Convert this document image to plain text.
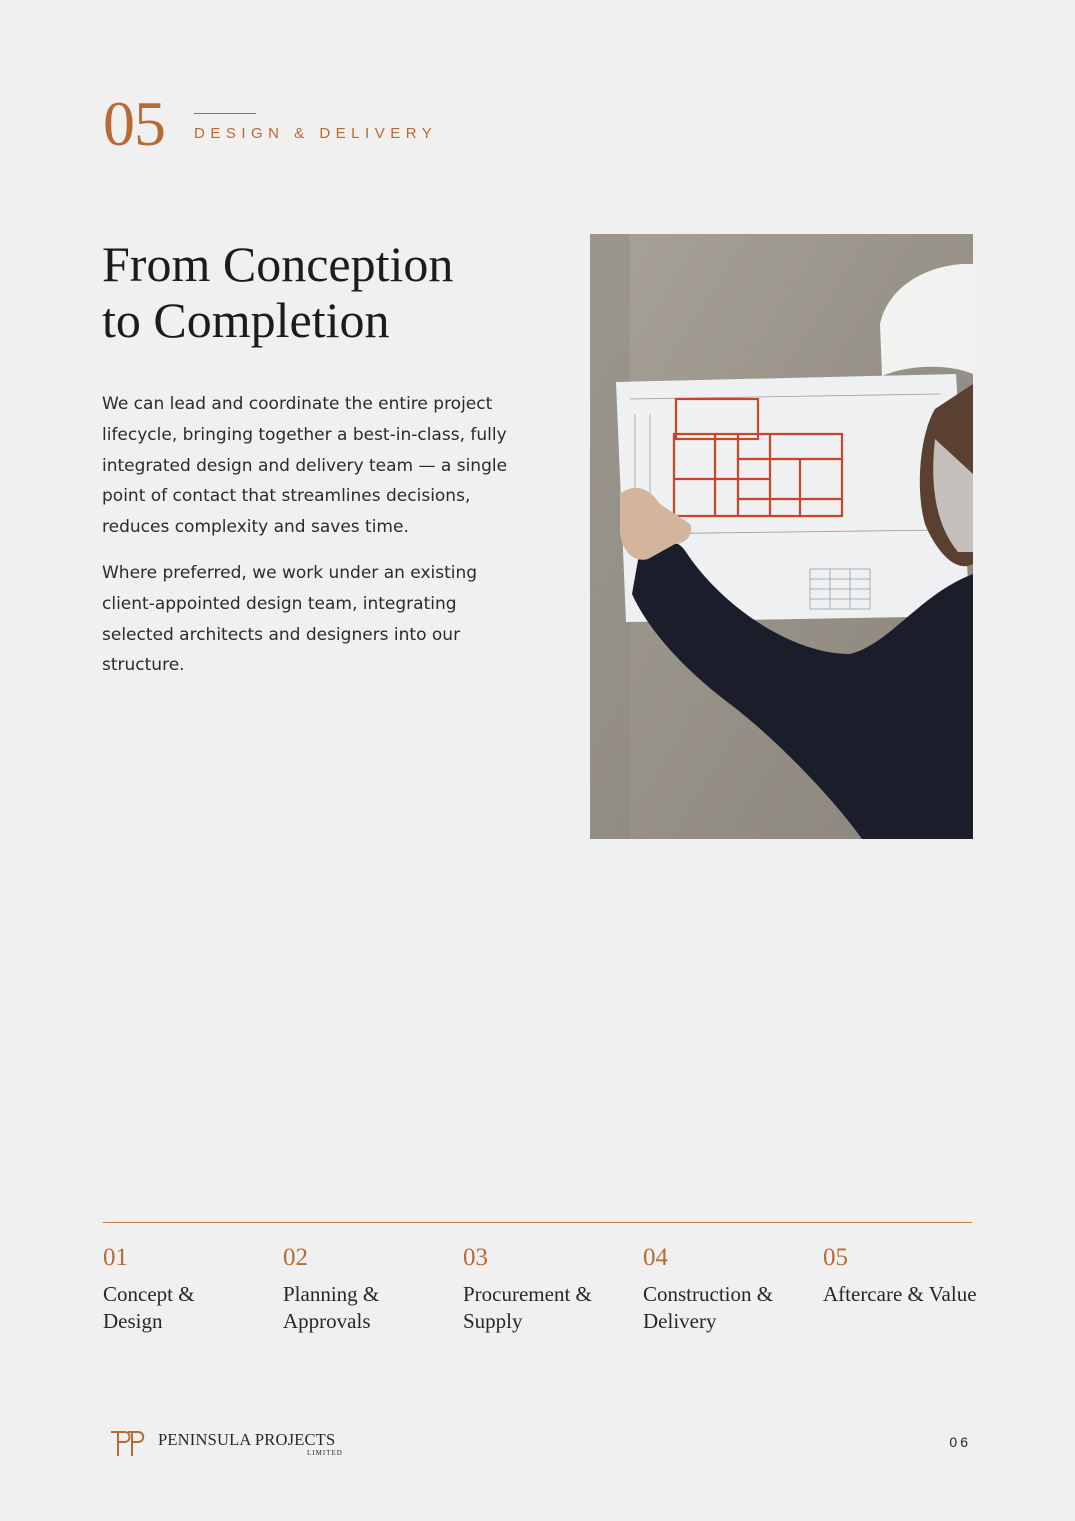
05 DESIGN & DELIVERY
From Conception
to Completion

We can lead and coordinate the entire project lifecycle, bringing together a best-in-class, fully integrated design and delivery team — a single point of contact that streamlines decisions, reduces complexity and saves time.

Where preferred, we work under an existing client-appointed design team, integrating selected architects and designers into our structure.

01
Concept & Design
02
Planning & Approvals
03
Procurement & Supply
04
Construction & Delivery
05
Aftercare & Value
PENINSULA PROJECTS
LIMITED
06
